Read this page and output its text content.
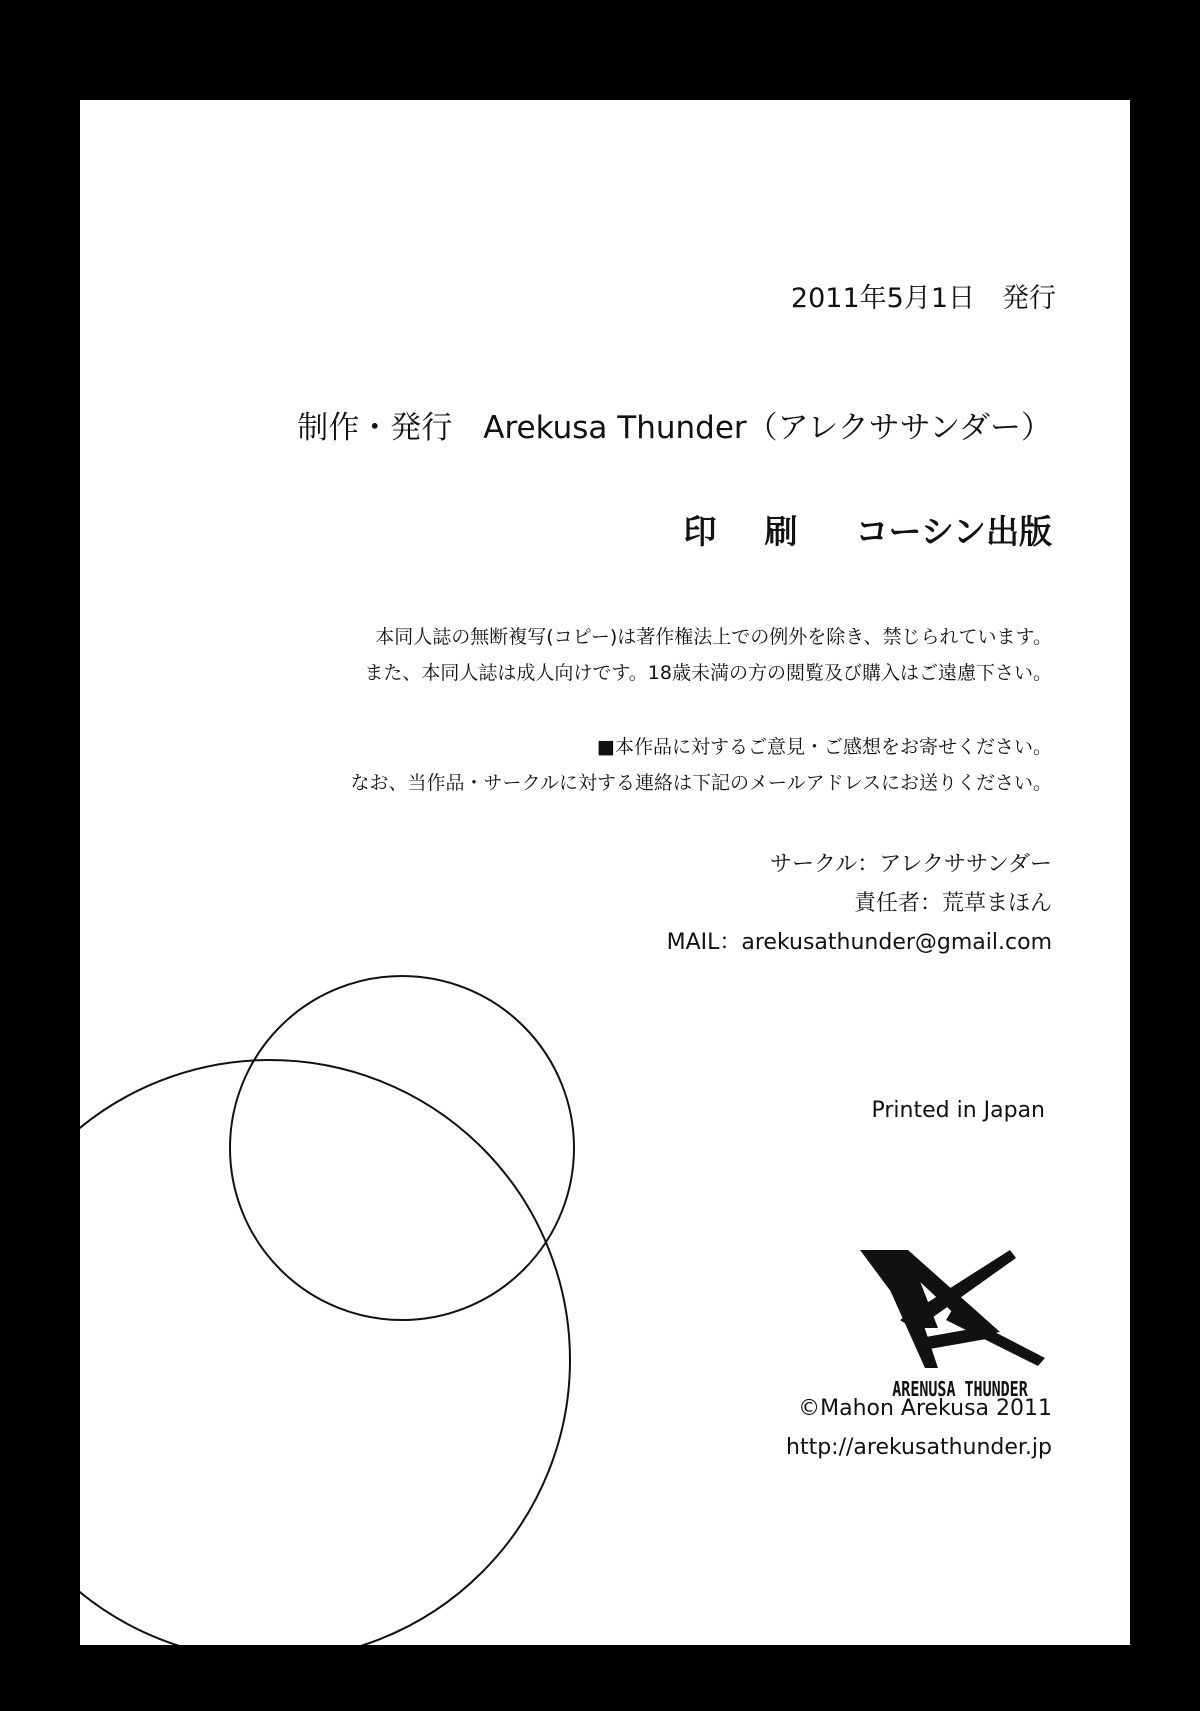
2011年5月1日　発行
制作・発行　 Arekusa Thunder（アレクササンダー）
印刷 コーシン出版
本同人誌の無断複写(コピー)は著作権法上での例外を除き、禁じられています。
また、本同人誌は成人向けです。18歳未満の方の閲覧及び購入はご遠慮下さい。
■本作品に対するご意見・ご感想をお寄せください。
なお、当作品・サークルに対する連絡は下記のメールアドレスにお送りください。
サークル：アレクササンダー
責任者：荒草まほん
MAIL：arekusathunder@gmail.com
Printed in Japan
ARENUSA THUNDER
©Mahon Arekusa 2011
http://arekusathunder.jp
